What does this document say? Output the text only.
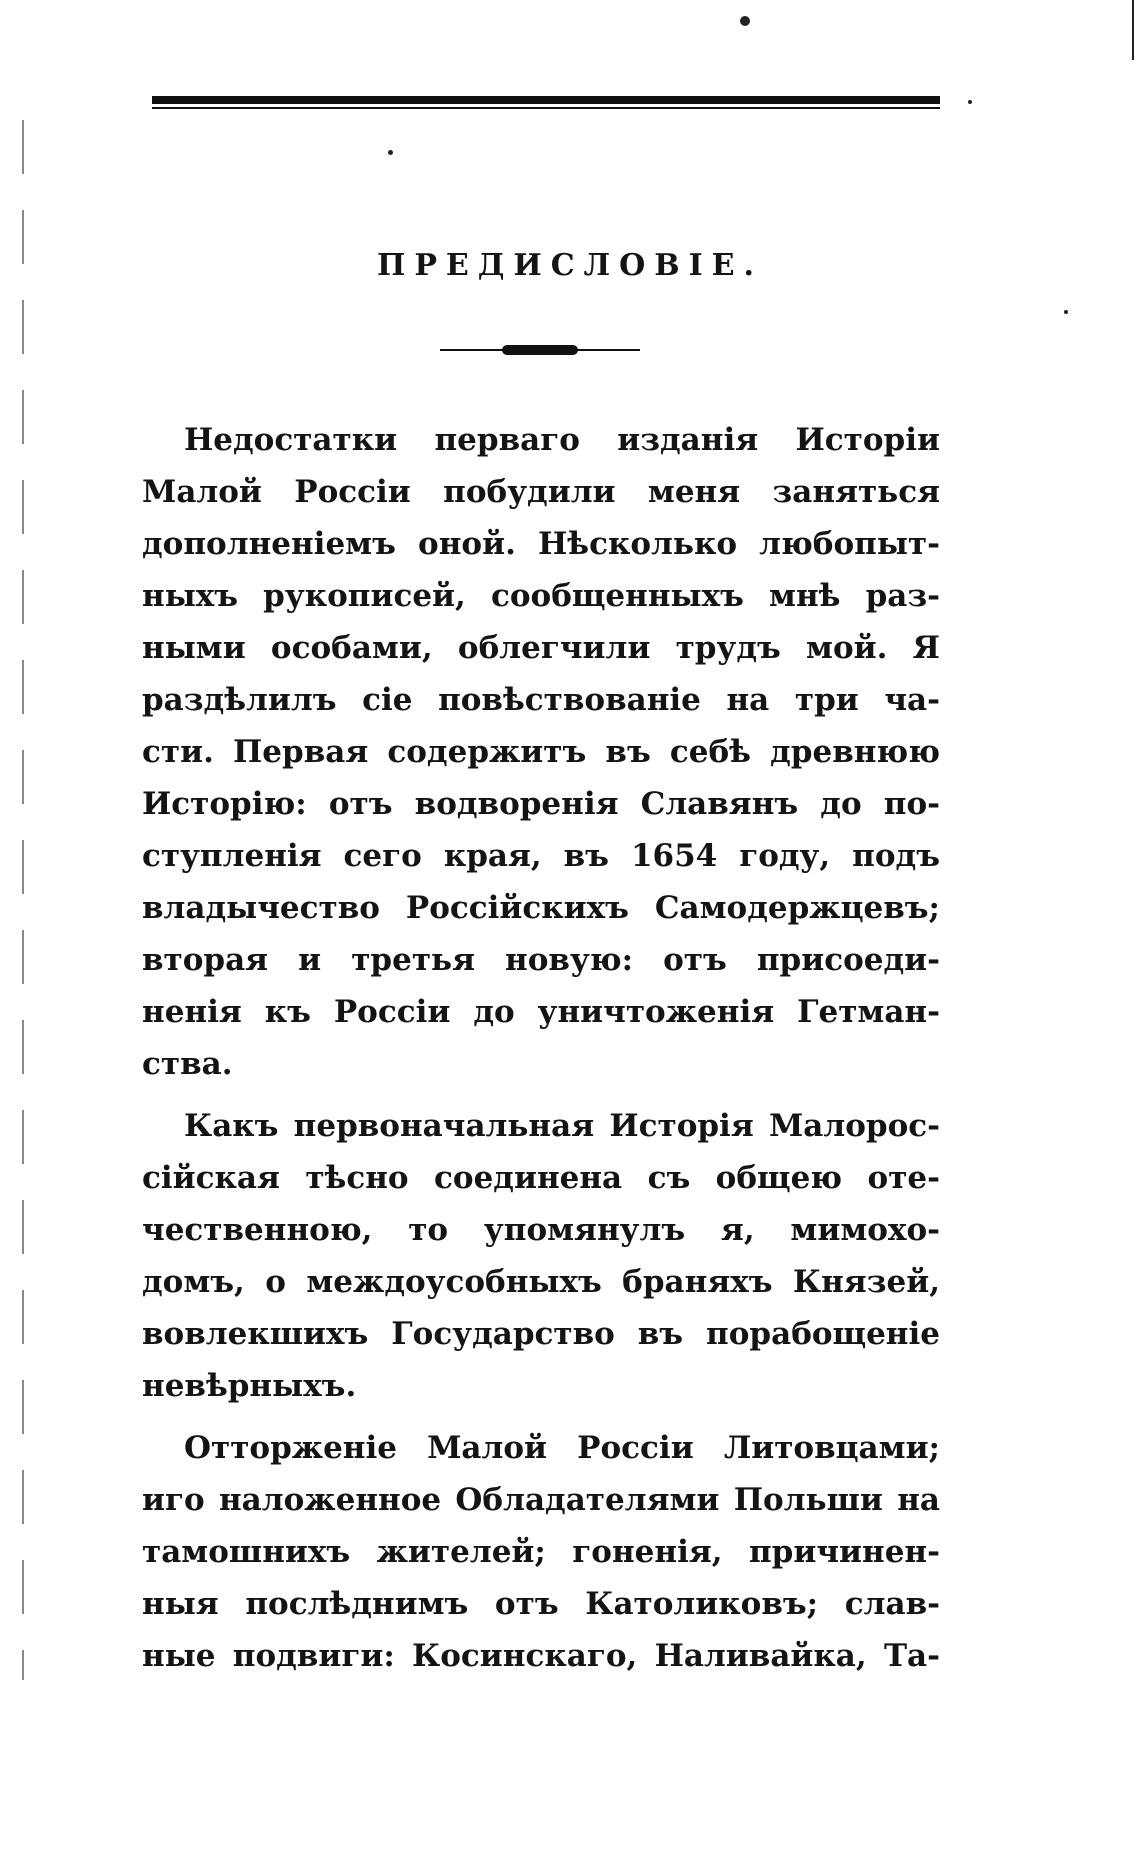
ПРЕДИСЛОВІЕ.
Недостатки перваго изданія Исторіи
Малой Россіи побудили меня заняться
дополненіемъ оной. Нѣсколько любопыт-
ныхъ рукописей, сообщенныхъ мнѣ раз-
ными особами, облегчили трудъ мой. Я
раздѣлилъ сіе повѣствованіе на три ча-
сти. Первая содержитъ въ себѣ древнюю
Исторію: отъ водворенія Славянъ до по-
ступленія сего края, въ 1654 году, подъ
владычество Россійскихъ Самодержцевъ;
вторая и третья новую: отъ присоеди-
ненія къ Россіи до уничтоженія Гетман-
ства.
Какъ первоначальная Исторія Малорос-
сійская тѣсно соединена съ общею оте-
чественною, то упомянулъ я, мимохо-
домъ, о междоусобныхъ браняхъ Князей,
вовлекшихъ Государство въ порабощеніе
невѣрныхъ.
Отторженіе Малой Россіи Литовцами;
иго наложенное Обладателями Польши на
тамошнихъ жителей; гоненія, причинен-
ныя послѣднимъ отъ Католиковъ; слав-
ные подвиги: Косинскаго, Наливайка, Та-
